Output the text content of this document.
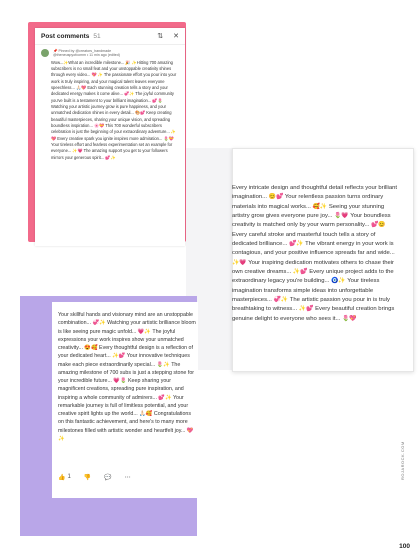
Post comments 51	⇅ ✕
📌 Pinned by @creators_handmade
@theneuspyofcomm • 11 min ago (edited)
Wow...✨What an incredible milestone... 🎉 ✨Hitting 700 amazing subscribers is no small feat and your unstoppable creativity shines through every video... 💖 ✨ The passionate effort you pour into your work is truly inspiring, and your magical talent leaves everyone speechless... 🙏🏻💖 Each stunning creation tells a story and your dedicated energy makes it come alive... 💞✨ The joyful community you've built is a testament to your brilliant imagination... 💕🌷 Watching your artistic journey grow is pure happiness, and your unmatched dedication shines in every detail... 🎨💕 Keep creating beautiful masterpieces, sharing your unique vision, and spreading boundless inspiration... 🌸💝 This 700 wonderful subscribers celebration is just the beginning of your extraordinary adventure... ✨💖 Every creative spark you ignite inspires more admiration... 🌷💝 Your tireless effort and fearless experimentation set an example for everyone... ✨💗 The amazing support you get to your followers mirrors your generous spirit... 💕✨
Every intricate design and thoughtful detail reflects your brilliant imagination... 😊💕 Your relentless passion turns ordinary materials into magical works... 🥰✨ Seeing your stunning artistry grow gives everyone pure joy... 🌷💗 Your boundless creativity is matched only by your warm personality... 💕😊 Every careful stroke and masterful touch tells a story of dedicated brilliance... 💕✨ The vibrant energy in your work is contagious, and your positive influence spreads far and wide... ✨💗 Your inspiring dedication motivates others to chase their own creative dreams... ✨💕 Every unique project adds to the extraordinary legacy you're building... 🧿✨ Your tireless imagination transforms simple ideas into unforgettable masterpieces... 💞✨ The artistic passion you pour in is truly breathtaking to witness... ✨💕 Every beautiful creation brings genuine delight to everyone who sees it... 🌷💖
Your skillful hands and visionary mind are an unstoppable combination... 💞✨ Watching your artistic brilliance bloom is like seeing pure magic unfold... 💗✨ The joyful expressions your work inspires show your unmatched creativity... 😍🥰 Every thoughtful design is a reflection of your dedicated heart... ✨💕 Your innovative techniques make each piece extraordinarily special... 🌷✨ The amazing milestone of 700 subs is just a stepping stone for your incredible future... 💗🌷 Keep sharing your magnificent creations, spreading pure inspiration, and inspiring a whole community of admirers... 💕✨ Your remarkable journey is full of limitless potential, and your creative spirit lights up the world... 🙏🏻🥰 Congratulations on this fantastic achievement, and here's to many more milestones filled with artistic wonder and heartfelt joy... 💖✨
👍 1 👎 💬 ⋯	ROJAROCK.COM
100
